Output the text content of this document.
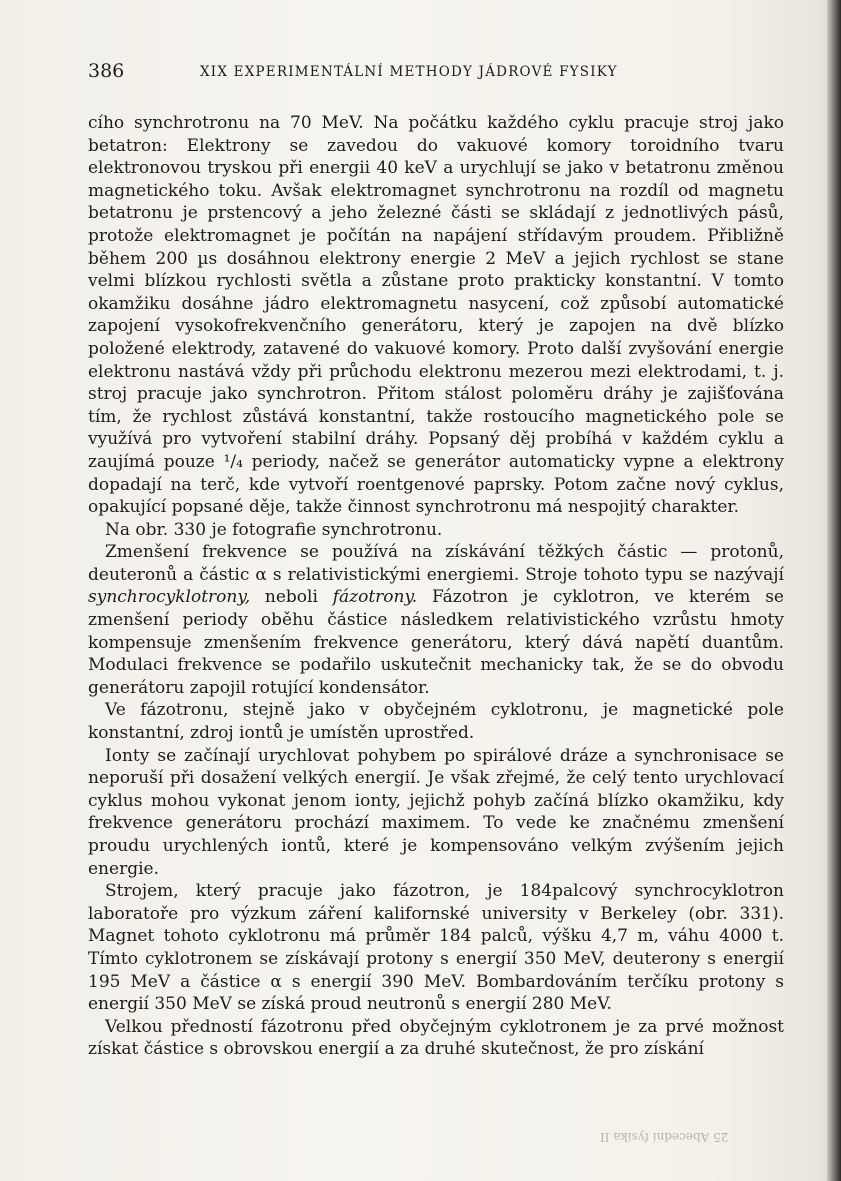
386	XIX EXPERIMENTÁLNÍ METHODY JÁDROVÉ FYSIKY

cího synchrotronu na 70 MeV. Na počátku každého cyklu pracuje stroj jako betatron: Elektrony se zavedou do vakuové komory toroidního tvaru elektronovou tryskou při energii 40 keV a urychlují se jako v betatronu změnou magnetického toku. Avšak elektromagnet synchrotronu na rozdíl od magnetu betatronu je prstencový a jeho železné části se skládají z jednotlivých pásů, protože elektromagnet je počítán na napájení střídavým proudem. Přibližně během 200 µs dosáhnou elektrony energie 2 MeV a jejich rychlost se stane velmi blízkou rychlosti světla a zůstane proto prakticky konstantní. V tomto okamžiku dosáhne jádro elektromagnetu nasycení, což způsobí automatické zapojení vysokofrekvenčního generátoru, který je zapojen na dvě blízko položené elektrody, zatavené do vakuové komory. Proto další zvyšování energie elektronu nastává vždy při průchodu elektronu mezerou mezi elektrodami, t. j. stroj pracuje jako synchrotron. Přitom stálost poloměru dráhy je zajišťována tím, že rychlost zůstává konstantní, takže rostoucího magnetického pole se využívá pro vytvoření stabilní dráhy. Popsaný děj probíhá v každém cyklu a zaujímá pouze ¹/₄ periody, načež se generátor automaticky vypne a elektrony dopadají na terč, kde vytvoří roentgenové paprsky. Potom začne nový cyklus, opakující popsané děje, takže činnost synchrotronu má nespojitý charakter.

Na obr. 330 je fotografie synchrotronu.

Zmenšení frekvence se používá na získávání těžkých částic — protonů, deuteronů a částic α s relativistickými energiemi. Stroje tohoto typu se nazývají synchrocyklotrony, neboli fázotrony. Fázotron je cyklotron, ve kterém se zmenšení periody oběhu částice následkem relativistického vzrůstu hmoty kompensuje zmenšením frekvence generátoru, který dává napětí duantům. Modulaci frekvence se podařilo uskutečnit mechanicky tak, že se do obvodu generátoru zapojil rotující kondensátor.

Ve fázotronu, stejně jako v obyčejném cyklotronu, je magnetické pole konstantní, zdroj iontů je umístěn uprostřed.

Ionty se začínají urychlovat pohybem po spirálové dráze a synchronisace se neporuší při dosažení velkých energií. Je však zřejmé, že celý tento urychlovací cyklus mohou vykonat jenom ionty, jejichž pohyb začíná blízko okamžiku, kdy frekvence generátoru prochází maximem. To vede ke značnému zmenšení proudu urychlených iontů, které je kompensováno velkým zvýšením jejich energie.

Strojem, který pracuje jako fázotron, je 184palcový synchrocyklotron laboratoře pro výzkum záření kalifornské university v Berkeley (obr. 331). Magnet tohoto cyklotronu má průměr 184 palců, výšku 4,7 m, váhu 4000 t. Tímto cyklotronem se získávají protony s energií 350 MeV, deuterony s energií 195 MeV a částice α s energií 390 MeV. Bombardováním terčíku protony s energií 350 MeV se získá proud neutronů s energií 280 MeV.

Velkou předností fázotronu před obyčejným cyklotronem je za prvé možnost získat částice s obrovskou energií a za druhé skutečnost, že pro získání

25 Abecední fysika II
